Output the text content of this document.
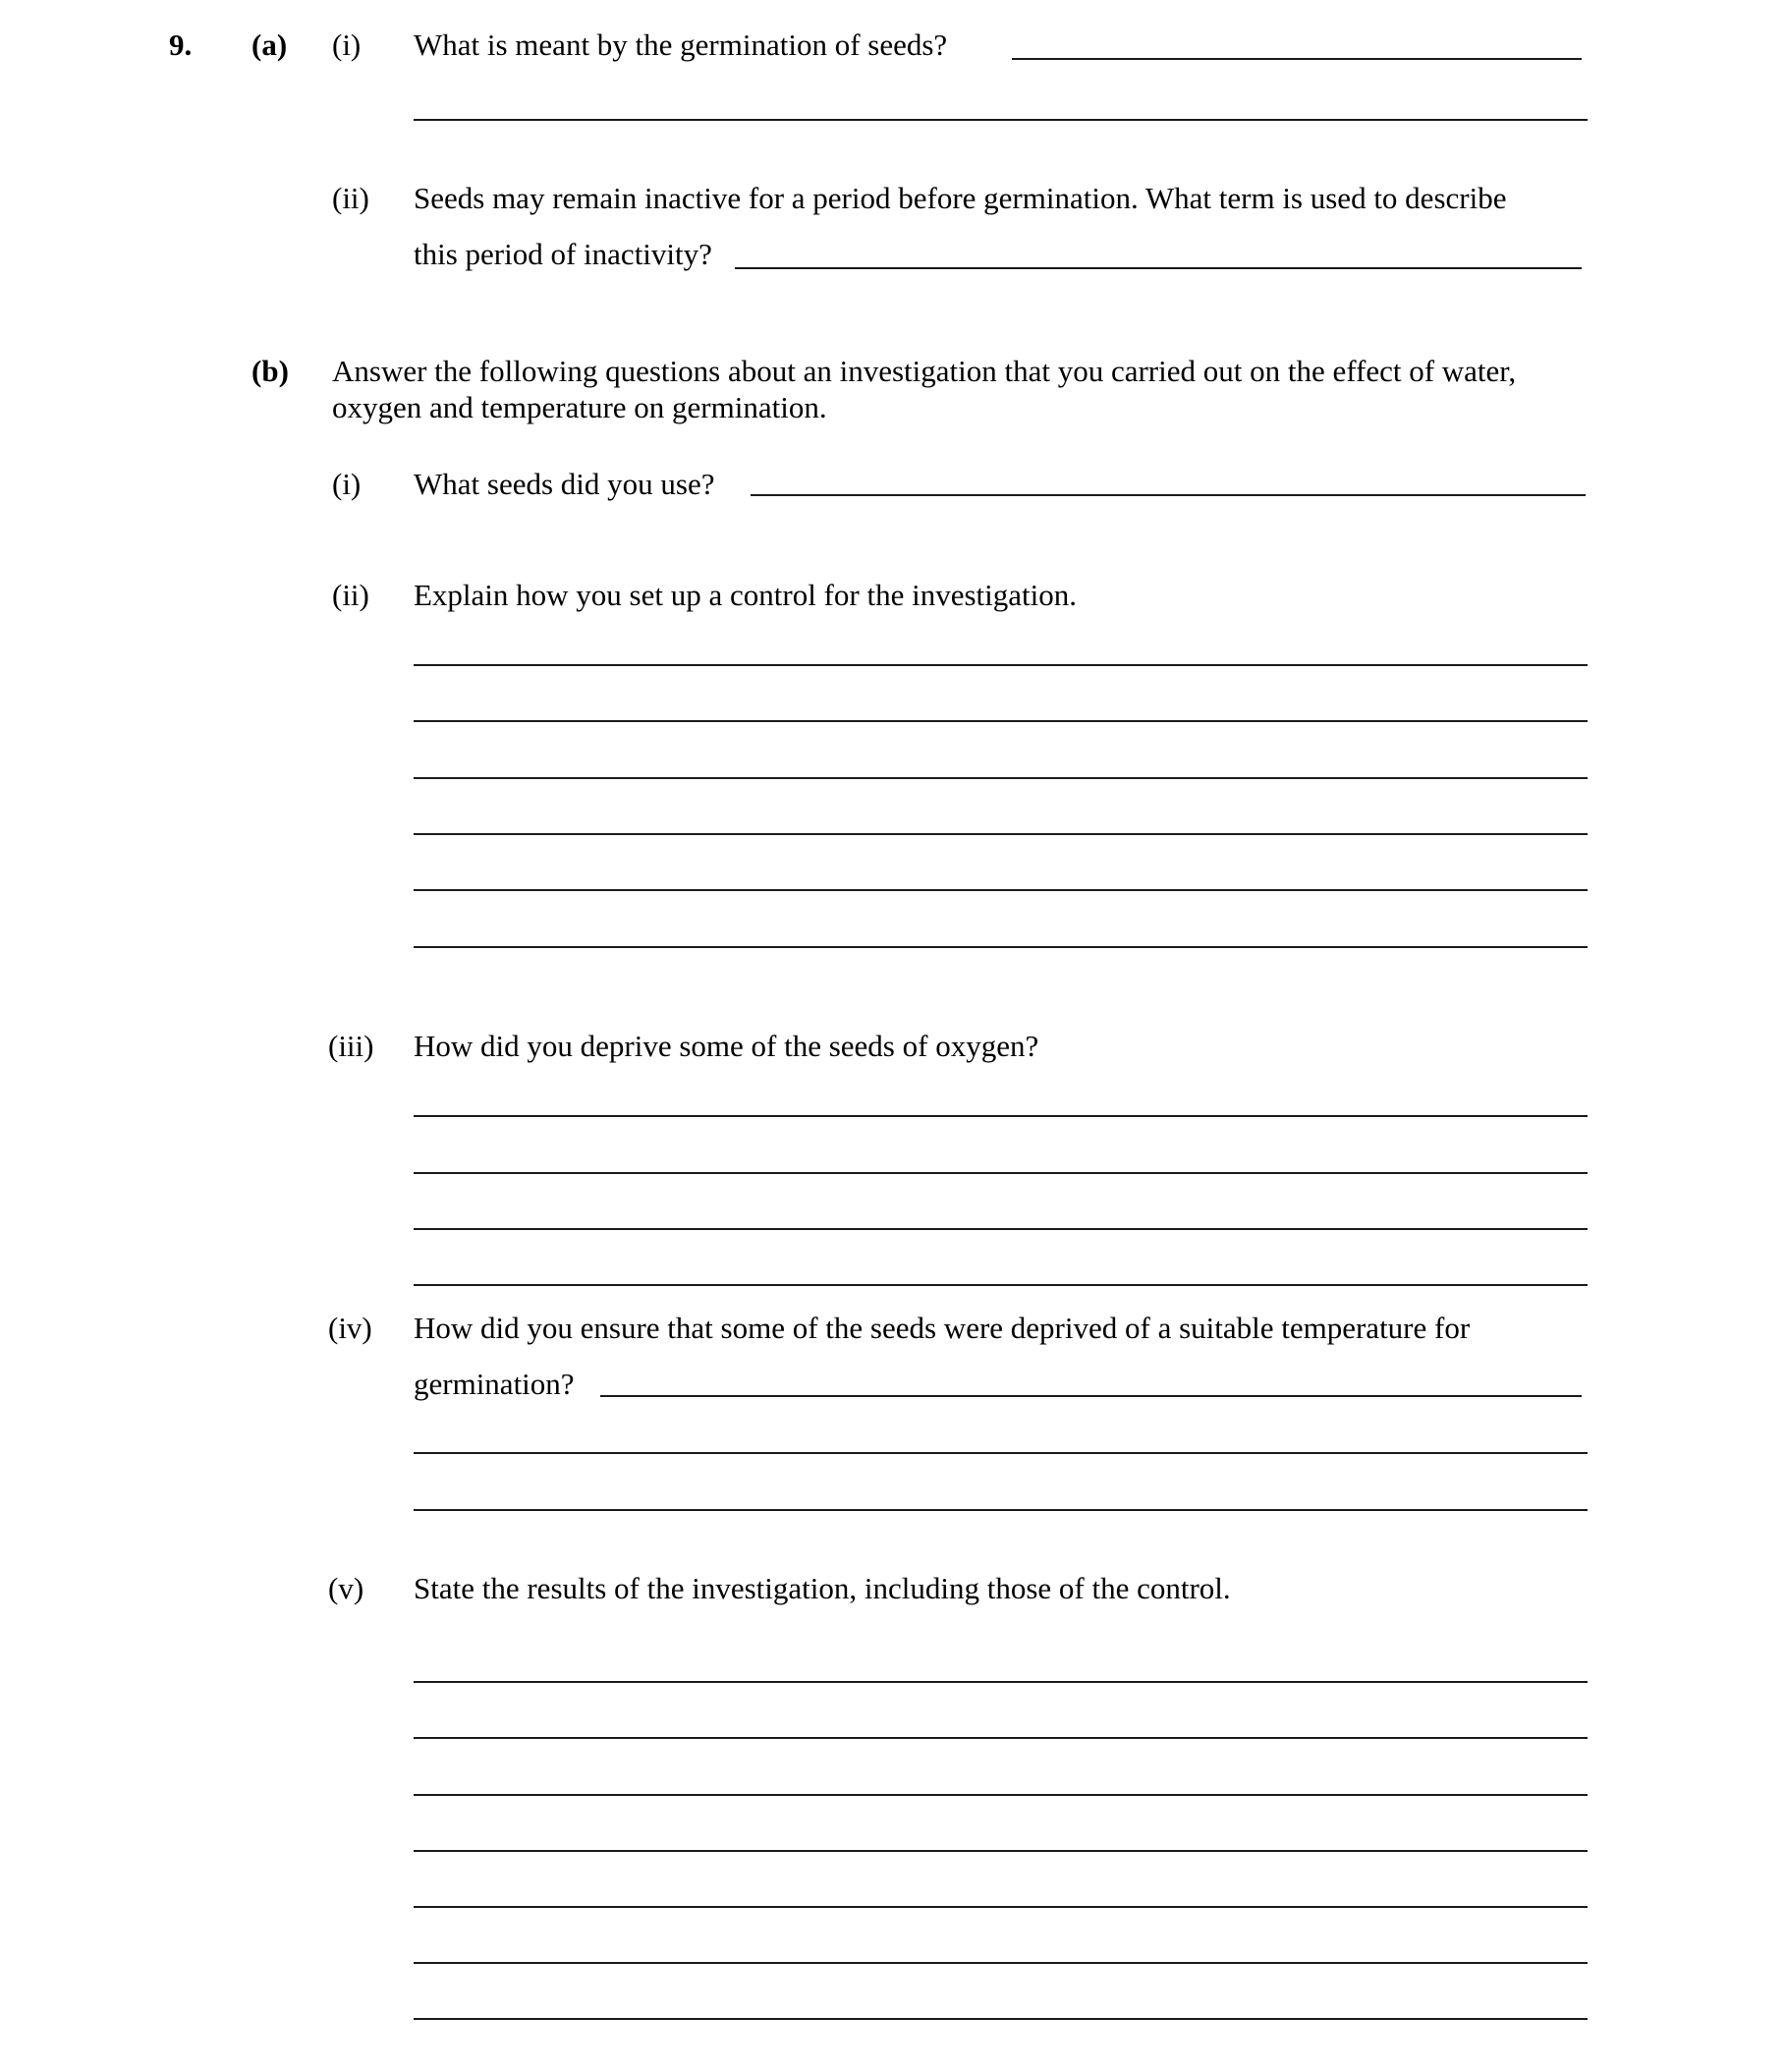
9. (a) (i) What is meant by the germination of seeds?
(ii) Seeds may remain inactive for a period before germination. What term is used to describe
this period of inactivity?
(b) Answer the following questions about an investigation that you carried out on the effect of water,
oxygen and temperature on germination.
(i) What seeds did you use?
(ii) Explain how you set up a control for the investigation.
(iii) How did you deprive some of the seeds of oxygen?
(iv) How did you ensure that some of the seeds were deprived of a suitable temperature for
germination?
(v) State the results of the investigation, including those of the control.
